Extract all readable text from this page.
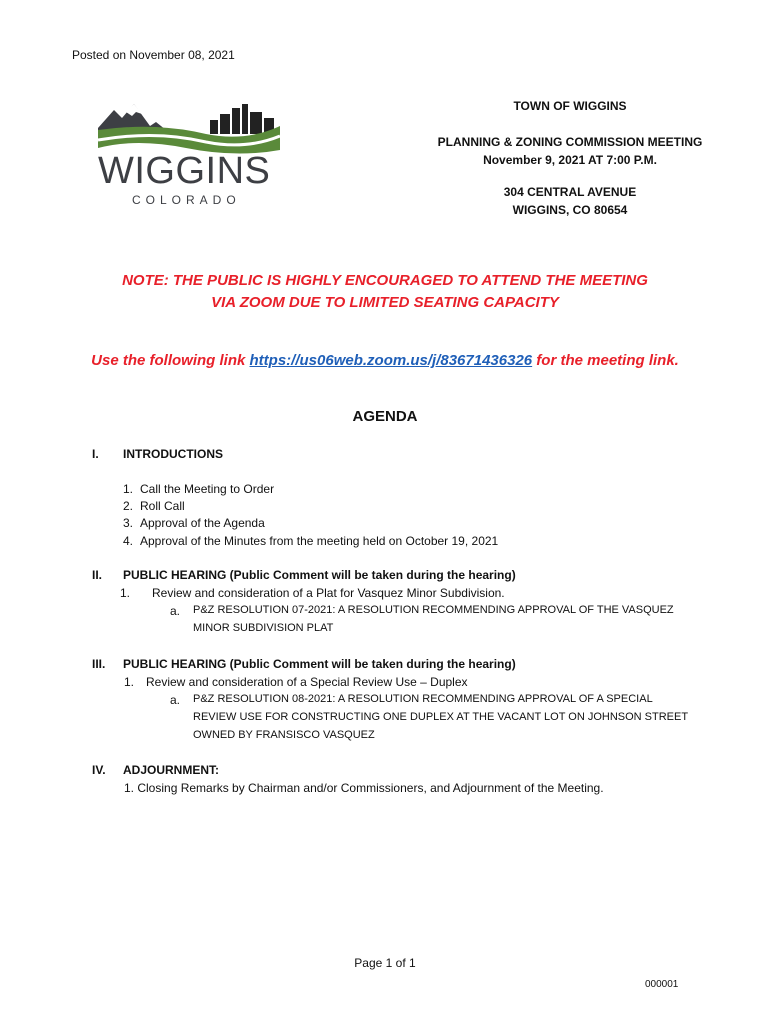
Posted on November 08, 2021
WIGGINS
COLORADO
TOWN OF WIGGINS
PLANNING & ZONING COMMISSION MEETING
November 9, 2021 AT 7:00 P.M.
304 CENTRAL AVENUE
WIGGINS, CO 80654
NOTE: THE PUBLIC IS HIGHLY ENCOURAGED TO ATTEND THE MEETING
VIA ZOOM DUE TO LIMITED SEATING CAPACITY
Use the following link https://us06web.zoom.us/j/83671436326 for the meeting link.
AGENDA
I. INTRODUCTIONS
1. Call the Meeting to Order
2. Roll Call
3. Approval of the Agenda
4. Approval of the Minutes from the meeting held on October 19, 2021
II. PUBLIC HEARING (Public Comment will be taken during the hearing)
1. Review and consideration of a Plat for Vasquez Minor Subdivision.
a. P&Z RESOLUTION 07-2021: A RESOLUTION RECOMMENDING APPROVAL OF THE VASQUEZ
MINOR SUBDIVISION PLAT
III. PUBLIC HEARING (Public Comment will be taken during the hearing)
1. Review and consideration of a Special Review Use – Duplex
a. P&Z RESOLUTION 08-2021: A RESOLUTION RECOMMENDING APPROVAL OF A SPECIAL
REVIEW USE FOR CONSTRUCTING ONE DUPLEX AT THE VACANT LOT ON JOHNSON STREET
OWNED BY FRANSISCO VASQUEZ
IV. ADJOURNMENT:
1. Closing Remarks by Chairman and/or Commissioners, and Adjournment of the Meeting.
Page 1 of 1
000001
